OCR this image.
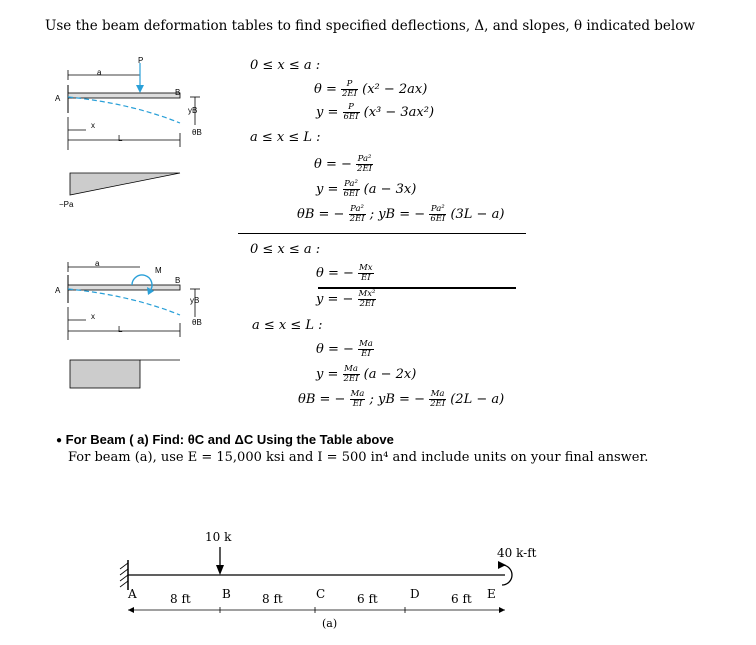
Use the beam deformation tables to find specified deflections, Δ, and slopes, θ indicated below
P
a
A
B
yB
θB
x
L
−Pa
0 ≤ x ≤ a :
$\theta = \frac{P}{2EI} (x^2 - 2ax)$
$y = \frac{P}{6EI} (x^3 - 3ax^2)$
a ≤ x ≤ L :
θ = − $\frac{\text{Pa²}}{2EI}$
$y = \frac{\text{Pa²}}{6EI} (a - 3x)$
θB = − $\frac{\text{Pa²}}{2EI}$ ; yB = − $\frac{\text{Pa²}}{6EI} (3L - a)$
a
M
A
B
yB
θB
x
L
0 ≤ x ≤ a :
θ = − $\frac{Mx}{EI}$
y = − $\frac{\text{Mx²}}{2EI}$
a ≤ x ≤ L :
θ = − $\frac{Ma}{EI}$
$y = \frac{Ma}{2EI} (a - 2x)$
θB = − $\frac{Ma}{EI}$ ; yB = − $\frac{Ma}{2EI} (2L - a)$
● For Beam ( a) Find: θC and ΔC Using the Table above
For beam (a), use E = 15,000 ksi and I = 500 in⁴ and include units on your final answer.
10 k
40 k-ft
A	B	C	D	E
8 ft	8 ft	6 ft	6 ft
(a)
